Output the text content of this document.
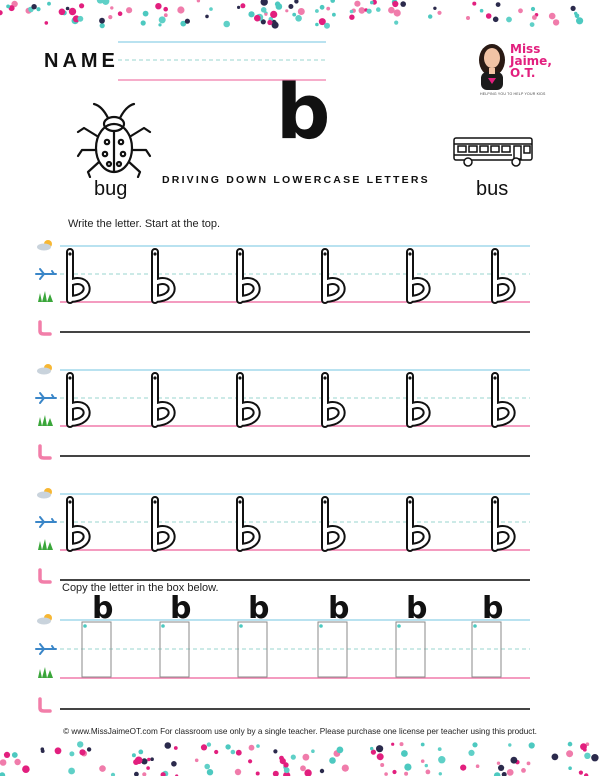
NAME
Miss
Jaime,
O.T.
HELPING YOU TO HELP YOUR KIDS
bug
b
DRIVING DOWN LOWERCASE LETTERS bus
Write the letter. Start at the top.
Copy the letter in the box below.
b b b b b b
© www.MissJaimeOT.com For classroom use only by a single teacher. Please purchase one license per teacher using this product.
